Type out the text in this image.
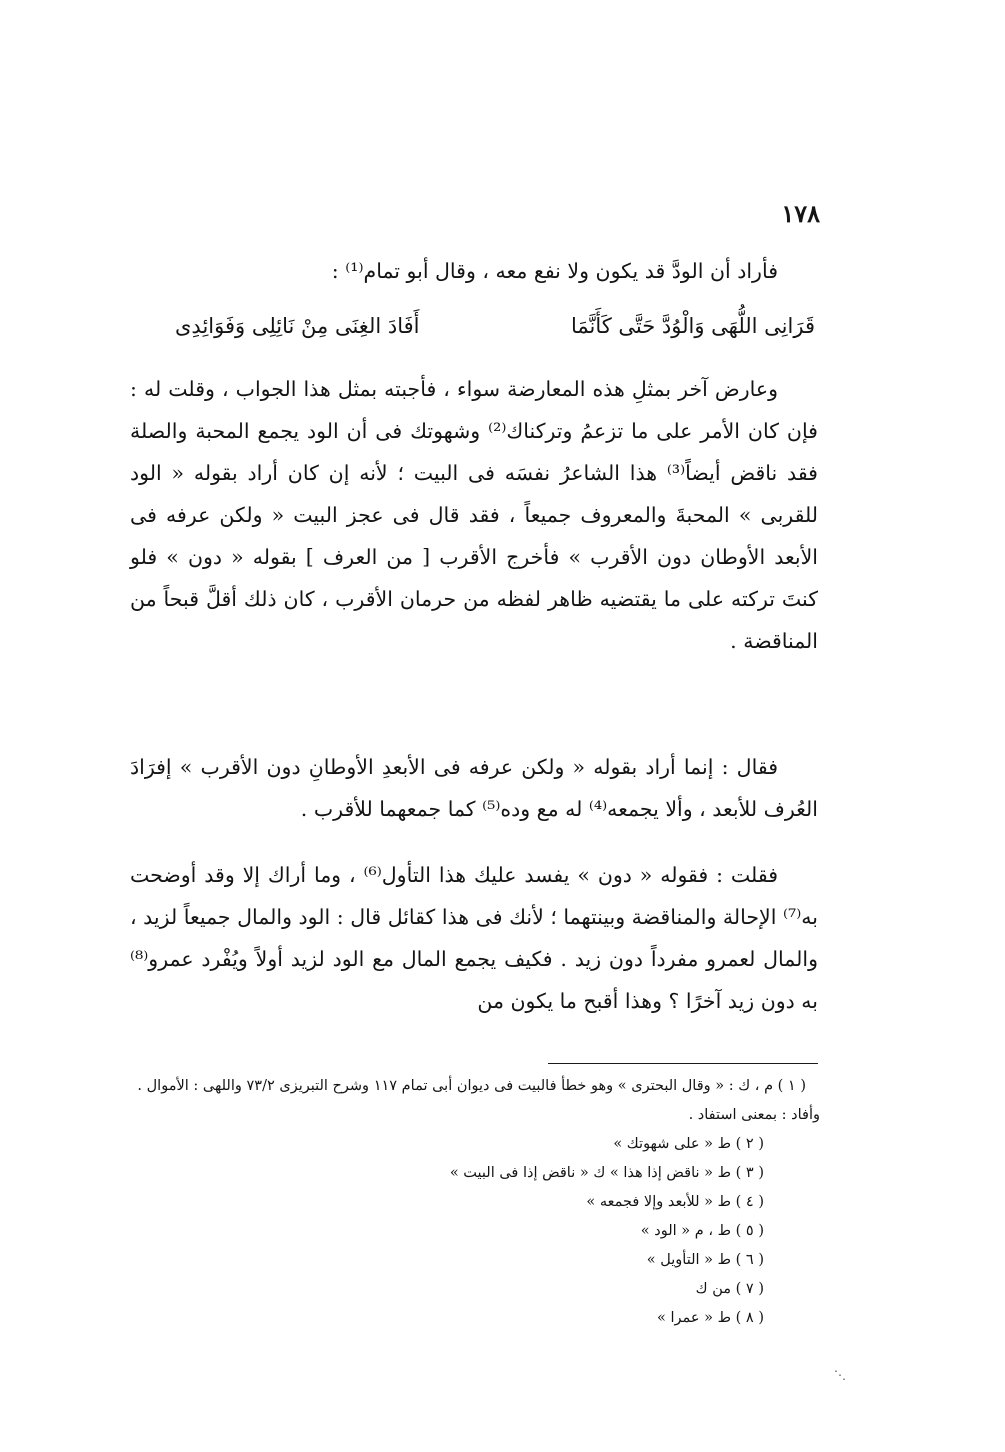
١٧٨
فأراد أن الودَّ قد يكون ولا نفع معه ، وقال أبو تمام⁽¹⁾ :
قَرَانِى اللُّهَى وَالْوُدَّ حَتَّى كَأَنَّمَا
أَفَادَ الغِنَى مِنْ نَائِلِى وَفَوَائِدِى
وعارض آخر بمثلِ هذه المعارضة سواء ، فأجبته بمثل هذا الجواب ، وقلت له : فإن كان الأمر على ما تزعمُ وتركناك⁽²⁾ وشهوتك فى أن الود يجمع المحبة والصلة فقد ناقض أيضاً⁽³⁾ هذا الشاعرُ نفسَه فى البيت ؛ لأنه إن كان أراد بقوله « الود للقربى » المحبةَ والمعروف جميعاً ، فقد قال فى عجز البيت « ولكن عرفه فى الأبعد الأوطان دون الأقرب » فأخرج الأقرب [ من العرف ] بقوله « دون » فلو كنتَ تركته على ما يقتضيه ظاهر لفظه من حرمان الأقرب ، كان ذلك أقلَّ قبحاً من المناقضة .
فقال : إنما أراد بقوله « ولكن عرفه فى الأبعدِ الأوطانِ دون الأقرب » إفرَادَ العُرف للأبعد ، وألا يجمعه⁽⁴⁾ له مع وده⁽⁵⁾ كما جمعهما للأقرب .
فقلت : فقوله « دون » يفسد عليك هذا التأول⁽⁶⁾ ، وما أراك إلا وقد أوضحت به⁽⁷⁾ الإحالة والمناقضة وبينتهما ؛ لأنك فى هذا كقائل قال : الود والمال جميعاً لزيد ، والمال لعمرو مفرداً دون زيد . فكيف يجمع المال مع الود لزيد أولاً ويُفْرد عمرو⁽⁸⁾ به دون زيد آخرًا ؟ وهذا أقبح ما يكون من

( ١ ) م ، ك : « وقال البحترى » وهو خطأ فالبيت فى ديوان أبى تمام ١١٧ وشرح التبريزى ٧٣/٢ واللهى : الأموال . وأفاد : بمعنى استفاد .

( ٢ ) ط « على شهوتك »

( ٣ ) ط « ناقض إذا هذا » ك « ناقض إذا فى البيت »

( ٤ ) ط « للأبعد وإلا فجمعه »

( ٥ ) ط ، م « الود »

( ٦ ) ط « التأويل »

( ٧ ) من ك

( ٨ ) ط « عمرا »

⋰
